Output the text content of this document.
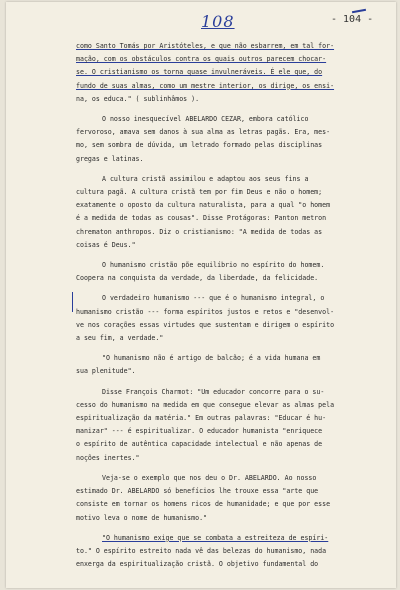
108	- 104 -

como Santo Tomás por Aristóteles, e que não esbarrem, em tal for-
mação, com os obstáculos contra os quais outros parecem chocar-
se. O cristianismo os torna quase invulneráveis. É ele que, do
fundo de suas almas, como um mestre interior, os dirige, os ensi-
na, os educa." ( sublinhâmos ).

O nosso inesquecível ABELARDO CEZAR, embora católico
fervoroso, amava sem danos à sua alma as letras pagãs. Era, mes-
mo, sem sombra de dúvida, um letrado formado pelas disciplinas
gregas e latinas.

A cultura cristã assimilou e adaptou aos seus fins a
cultura pagã. A cultura cristã tem por fim Deus e não o homem;
exatamente o oposto da cultura naturalista, para a qual "o homem
é a medida de todas as cousas". Disse Protágoras: Panton metron
chrematon anthropos. Diz o cristianismo: "A medida de todas as
coisas é Deus."

O humanismo cristão põe equilíbrio no espírito do homem.
Coopera na conquista da verdade, da liberdade, da felicidade.

O verdadeiro humanismo --- que é o humanismo integral, o
humanismo cristão --- forma espíritos justos e retos e "desenvol-
ve nos corações essas virtudes que sustentam e dirigem o espírito
a seu fim, a verdade."

"O humanismo não é artigo de balcão; é a vida humana em
sua plenitude".

Disse François Charmot: "Um educador concorre para o su-
cesso do humanismo na medida em que consegue elevar as almas pela
espiritualização da matéria." Em outras palavras: "Educar é hu-
manizar" --- é espiritualizar. O educador humanista "enriquece
o espírito de autêntica capacidade intelectual e não apenas de
noções inertes."

Veja-se o exemplo que nos deu o Dr. ABELARDO. Ao nosso
estimado Dr. ABELARDO só benefícios lhe trouxe essa "arte que
consiste em tornar os homens ricos de humanidade; e que por esse
motivo leva o nome de humanismo."

"O humanismo exige que se combata a estreiteza de espíri-
to." O espírito estreito nada vê das belezas do humanismo, nada
enxerga da espiritualização cristã. O objetivo fundamental do
